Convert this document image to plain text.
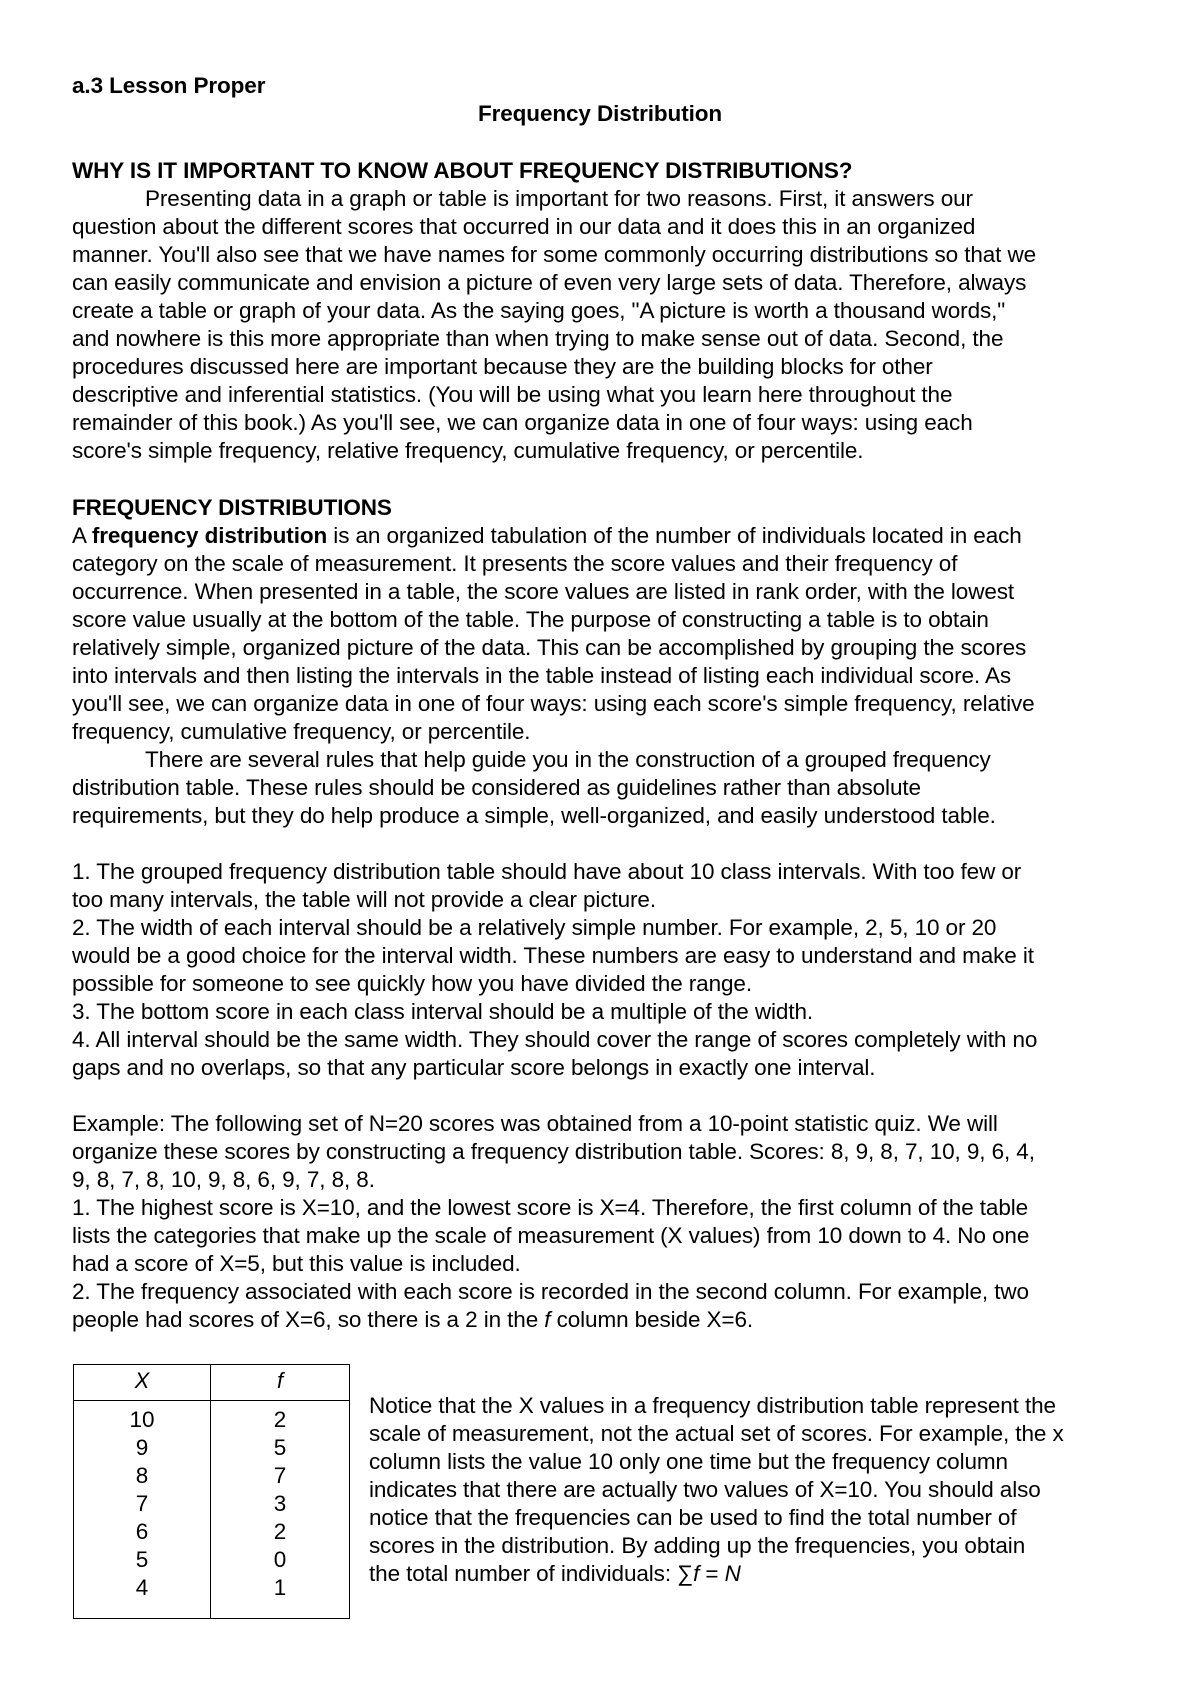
a.3 Lesson Proper
Frequency Distribution
WHY IS IT IMPORTANT TO KNOW ABOUT FREQUENCY DISTRIBUTIONS?
Presenting data in a graph or table is important for two reasons. First, it answers our
question about the different scores that occurred in our data and it does this in an organized
manner. You'll also see that we have names for some commonly occurring distributions so that we
can easily communicate and envision a picture of even very large sets of data. Therefore, always
create a table or graph of your data. As the saying goes, "A picture is worth a thousand words,"
and nowhere is this more appropriate than when trying to make sense out of data. Second, the
procedures discussed here are important because they are the building blocks for other
descriptive and inferential statistics. (You will be using what you learn here throughout the
remainder of this book.) As you'll see, we can organize data in one of four ways: using each
score's simple frequency, relative frequency, cumulative frequency, or percentile.
FREQUENCY DISTRIBUTIONS
A frequency distribution is an organized tabulation of the number of individuals located in each
category on the scale of measurement. It presents the score values and their frequency of
occurrence. When presented in a table, the score values are listed in rank order, with the lowest
score value usually at the bottom of the table. The purpose of constructing a table is to obtain
relatively simple, organized picture of the data. This can be accomplished by grouping the scores
into intervals and then listing the intervals in the table instead of listing each individual score. As
you'll see, we can organize data in one of four ways: using each score's simple frequency, relative
frequency, cumulative frequency, or percentile.
There are several rules that help guide you in the construction of a grouped frequency
distribution table. These rules should be considered as guidelines rather than absolute
requirements, but they do help produce a simple, well-organized, and easily understood table.
1. The grouped frequency distribution table should have about 10 class intervals. With too few or
too many intervals, the table will not provide a clear picture.
2. The width of each interval should be a relatively simple number. For example, 2, 5, 10 or 20
would be a good choice for the interval width. These numbers are easy to understand and make it
possible for someone to see quickly how you have divided the range.
3. The bottom score in each class interval should be a multiple of the width.
4. All interval should be the same width. They should cover the range of scores completely with no
gaps and no overlaps, so that any particular score belongs in exactly one interval.
Example: The following set of N=20 scores was obtained from a 10-point statistic quiz. We will
organize these scores by constructing a frequency distribution table. Scores: 8, 9, 8, 7, 10, 9, 6, 4,
9, 8, 7, 8, 10, 9, 8, 6, 9, 7, 8, 8.
1. The highest score is X=10, and the lowest score is X=4. Therefore, the first column of the table
lists the categories that make up the scale of measurement (X values) from 10 down to 4. No one
had a score of X=5, but this value is included.
2. The frequency associated with each score is recorded in the second column. For example, two
people had scores of X=6, so there is a 2 in the f column beside X=6.
X	f
10
9
8
7
6
5
4
2
5
7
3
2
0
1
Notice that the X values in a frequency distribution table represent the
scale of measurement, not the actual set of scores. For example, the x
column lists the value 10 only one time but the frequency column
indicates that there are actually two values of X=10. You should also
notice that the frequencies can be used to find the total number of
scores in the distribution. By adding up the frequencies, you obtain
the total number of individuals: ∑f = N
